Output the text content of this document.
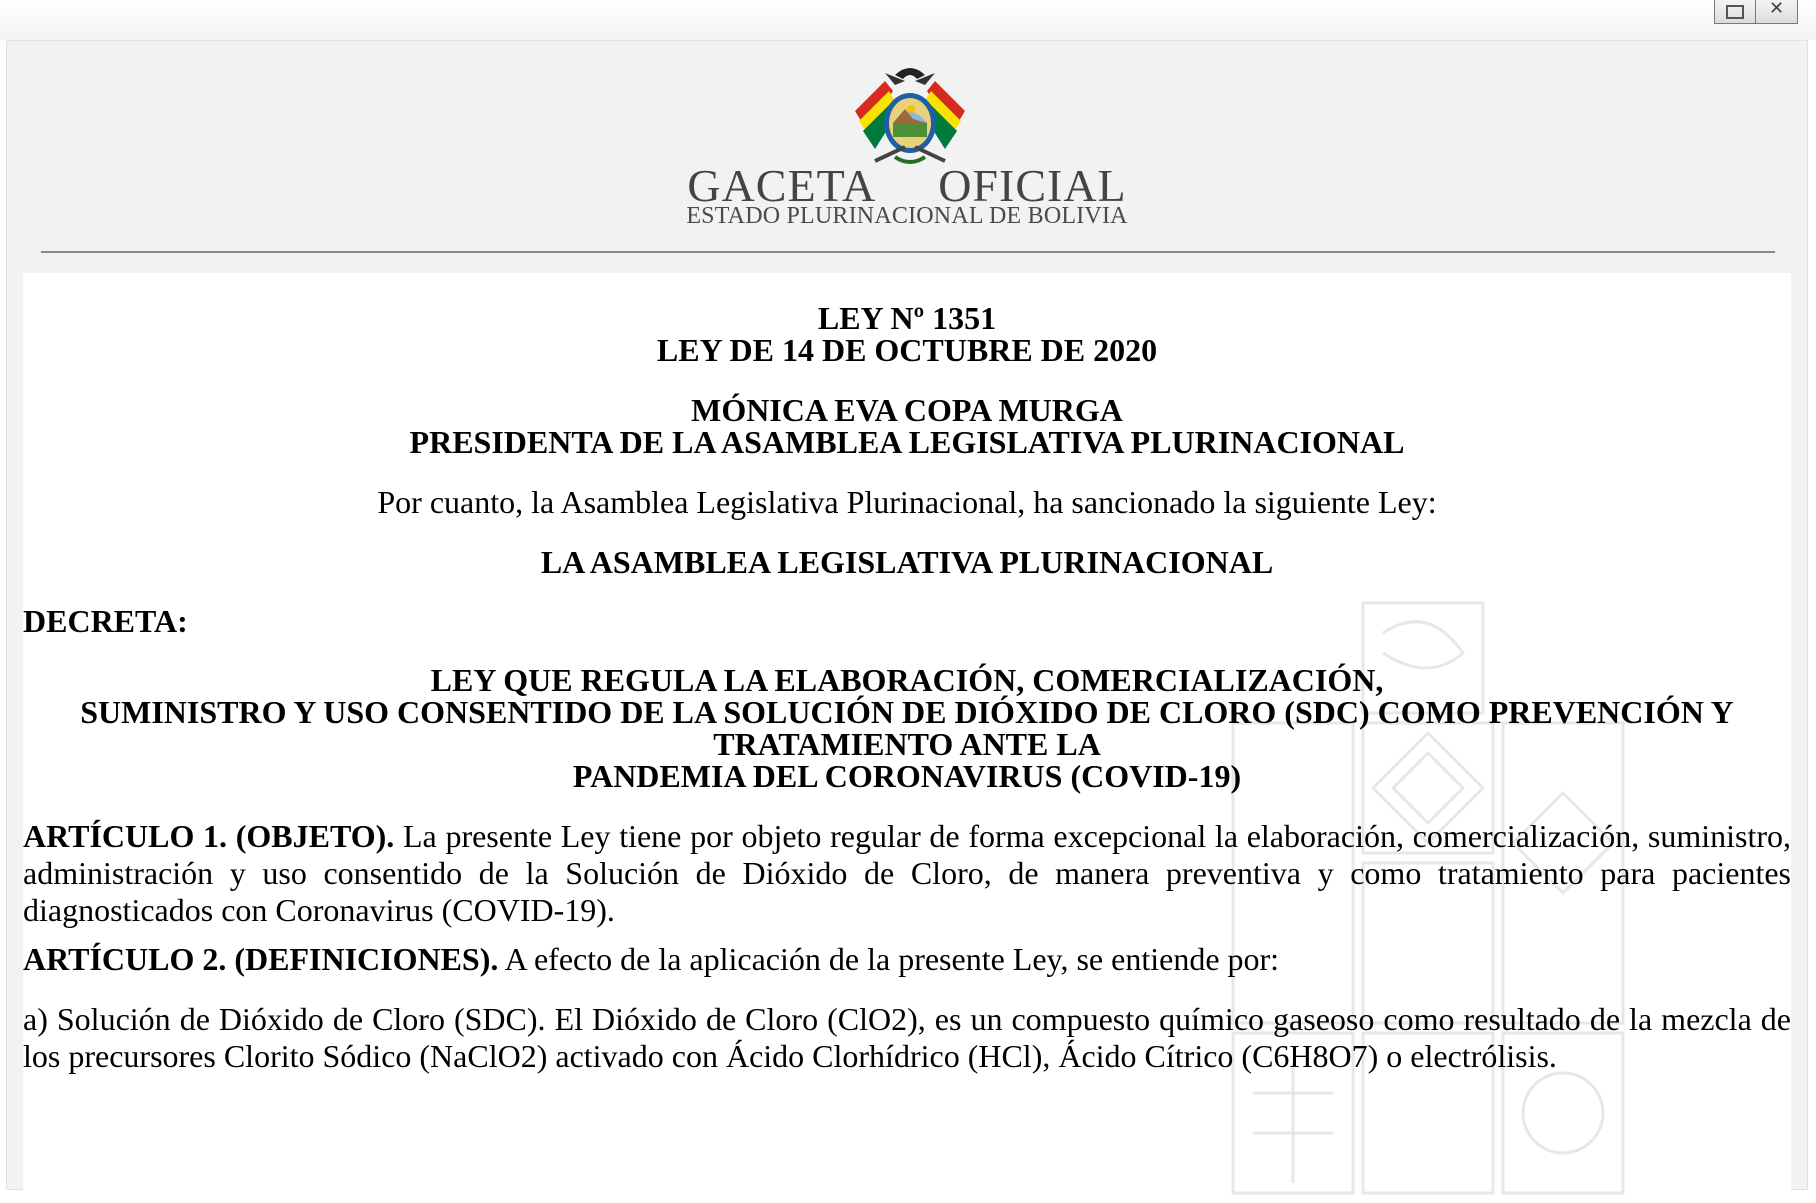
✕
GACETA OFICIAL
ESTADO PLURINACIONAL DE BOLIVIA
LEY Nº 1351
LEY DE 14 DE OCTUBRE DE 2020
MÓNICA EVA COPA MURGA
PRESIDENTA DE LA ASAMBLEA LEGISLATIVA PLURINACIONAL
Por cuanto, la Asamblea Legislativa Plurinacional, ha sancionado la siguiente Ley:
LA ASAMBLEA LEGISLATIVA PLURINACIONAL
DECRETA:
LEY QUE REGULA LA ELABORACIÓN, COMERCIALIZACIÓN,
SUMINISTRO Y USO CONSENTIDO DE LA SOLUCIÓN DE DIÓXIDO DE CLORO (SDC) COMO PREVENCIÓN Y
TRATAMIENTO ANTE LA
PANDEMIA DEL CORONAVIRUS (COVID-19)
ARTÍCULO 1. (OBJETO). La presente Ley tiene por objeto regular de forma excepcional la elaboración, comercialización, suministro, administración y uso consentido de la Solución de Dióxido de Cloro, de manera preventiva y como tratamiento para pacientes diagnosticados con Coronavirus (COVID-19).
ARTÍCULO 2. (DEFINICIONES). A efecto de la aplicación de la presente Ley, se entiende por:
a) Solución de Dióxido de Cloro (SDC). El Dióxido de Cloro (ClO2), es un compuesto químico gaseoso como resultado de la mezcla de los precursores Clorito Sódico (NaClO2) activado con Ácido Clorhídrico (HCl), Ácido Cítrico (C6H8O7) o electrólisis.
